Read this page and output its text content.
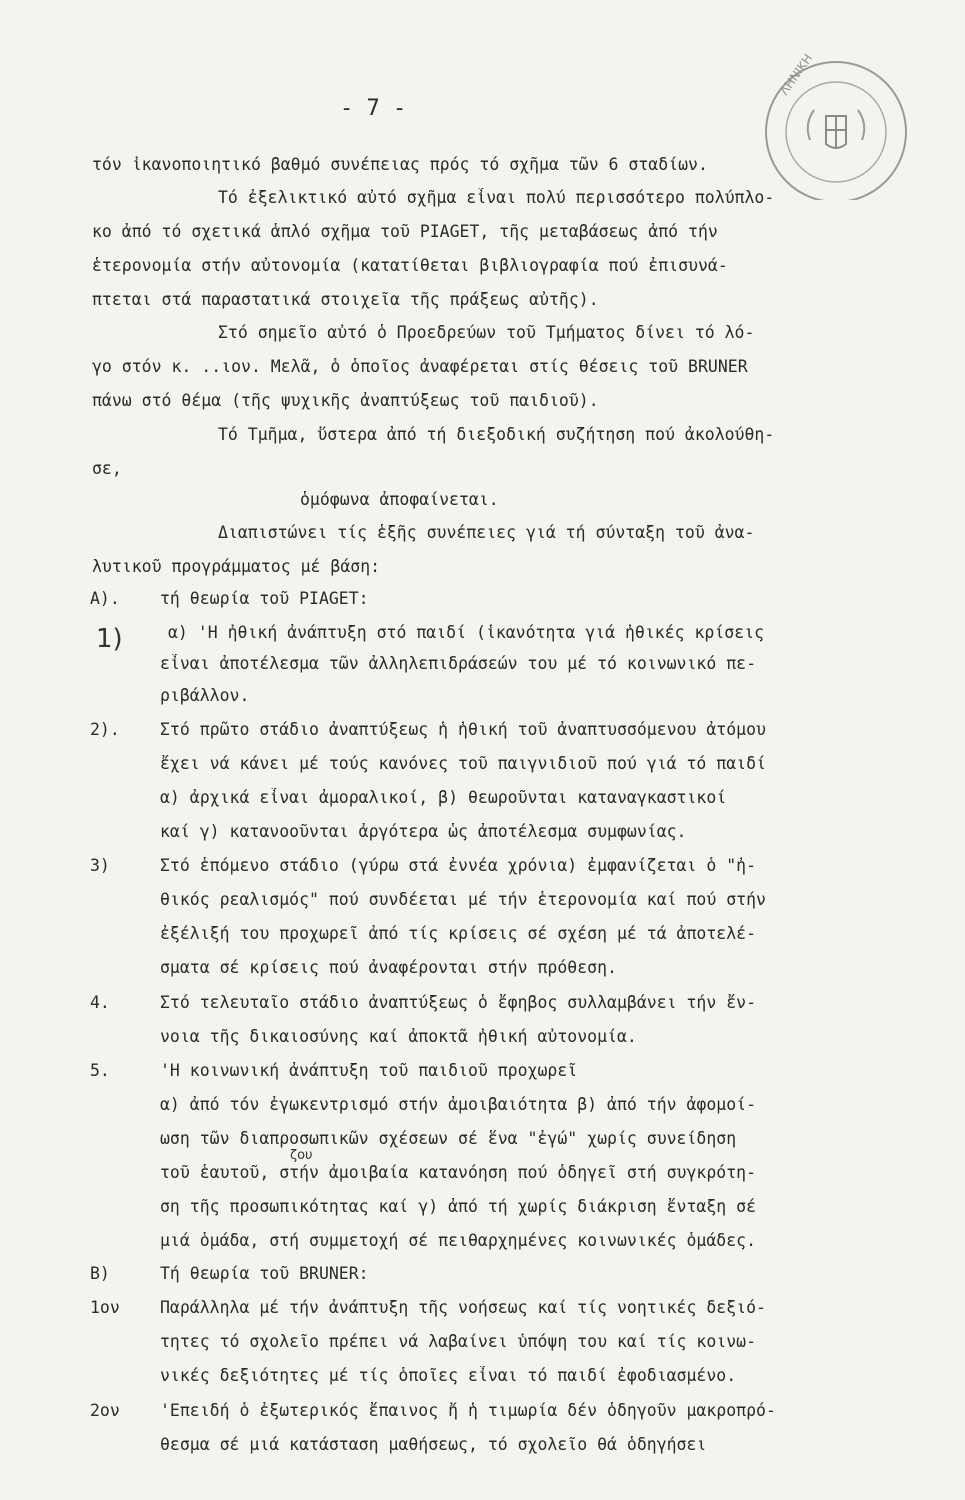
ΛΗΝΙΚΗ
- 7 -
τόν ἱκανοποιητικό βαθμό συνέπειας πρός τό σχῆμα τῶν 6 σταδίων.
Τό ἐξελικτικό αὐτό σχῆμα εἶναι πολύ περισσότερο πολύπλο-
κο ἀπό τό σχετικά ἁπλό σχῆμα τοῦ PIAGET, τῆς μεταβάσεως ἀπό τήν
ἑτερονομία στήν αὐτονομία (κατατίθεται βιβλιογραφία πού ἐπισυνά-
πτεται στά παραστατικά στοιχεῖα τῆς πράξεως αὐτῆς).
Στό σημεῖο αὐτό ὁ Προεδρεύων τοῦ Τμήματος δίνει τό λό-
γο στόν κ. ..ιον. Μελᾶ, ὁ ὁποῖος ἀναφέρεται στίς θέσεις τοῦ BRUNER
πάνω στό θέμα (τῆς ψυχικῆς ἀναπτύξεως τοῦ παιδιοῦ).
Τό Τμῆμα, ὕστερα ἀπό τή διεξοδική συζήτηση πού ἀκολούθη-
σε,
ὁμόφωνα ἀποφαίνεται.
Διαπιστώνει τίς ἑξῆς συνέπειες γιά τή σύνταξη τοῦ ἀνα-
λυτικοῦ προγράμματος μέ βάση:
A). τή θεωρία τοῦ PIAGET:
1)	α) 'Η ἠθική ἀνάπτυξη στό παιδί (ἱκανότητα γιά ἠθικές κρίσεις
εἶναι ἀποτέλεσμα τῶν ἀλληλεπιδράσεών του μέ τό κοινωνικό πε-
ριβάλλον.
2). Στό πρῶτο στάδιο ἀναπτύξεως ἡ ἠθική τοῦ ἀναπτυσσόμενου ἀτόμου
ἔχει νά κάνει μέ τούς κανόνες τοῦ παιγνιδιοῦ πού γιά τό παιδί
α) ἀρχικά εἶναι ἀμοραλικοί, β) θεωροῦνται καταναγκαστικοί
καί γ) κατανοοῦνται ἀργότερα ὡς ἀποτέλεσμα συμφωνίας.
3)	Στό ἑπόμενο στάδιο (γύρω στά ἐννέα χρόνια) ἐμφανίζεται ὁ "ἠ-
θικός ρεαλισμός" πού συνδέεται μέ τήν ἑτερονομία καί πού στήν
ἐξέλιξή του προχωρεῖ ἀπό τίς κρίσεις σέ σχέση μέ τά ἀποτελέ-
σματα σέ κρίσεις πού ἀναφέρονται στήν πρόθεση.
4.	Στό τελευταῖο στάδιο ἀναπτύξεως ὁ ἔφηβος συλλαμβάνει τήν ἔν-
νοια τῆς δικαιοσύνης καί ἀποκτᾶ ἠθική αὐτονομία.
5.	'Η κοινωνική ἀνάπτυξη τοῦ παιδιοῦ προχωρεῖ
α) ἀπό τόν ἐγωκεντρισμό στήν ἀμοιβαιότητα β) ἀπό τήν ἀφομοί-
ωση τῶν διαπροσωπικῶν σχέσεων σέ ἕνα "ἐγώ" χωρίς συνείδηση
ζου
τοῦ ἑαυτοῦ, στήν ἀμοιβαία κατανόηση πού ὁδηγεῖ στή συγκρότη-
ση τῆς προσωπικότητας καί γ) ἀπό τή χωρίς διάκριση ἔνταξη σέ
μιά ὁμάδα, στή συμμετοχή σέ πειθαρχημένες κοινωνικές ὁμάδες.
B)	Τή θεωρία τοῦ BRUNER:
1ον Παράλληλα μέ τήν ἀνάπτυξη τῆς νοήσεως καί τίς νοητικές δεξιό-
τητες τό σχολεῖο πρέπει νά λαβαίνει ὑπόψη του καί τίς κοινω-
νικές δεξιότητες μέ τίς ὁποῖες εἶναι τό παιδί ἐφοδιασμένο.
2ον 'Επειδή ὁ ἐξωτερικός ἔπαινος ἤ ἡ τιμωρία δέν ὁδηγοῦν μακροπρό-
θεσμα σέ μιά κατάσταση μαθήσεως, τό σχολεῖο θά ὁδηγήσει
